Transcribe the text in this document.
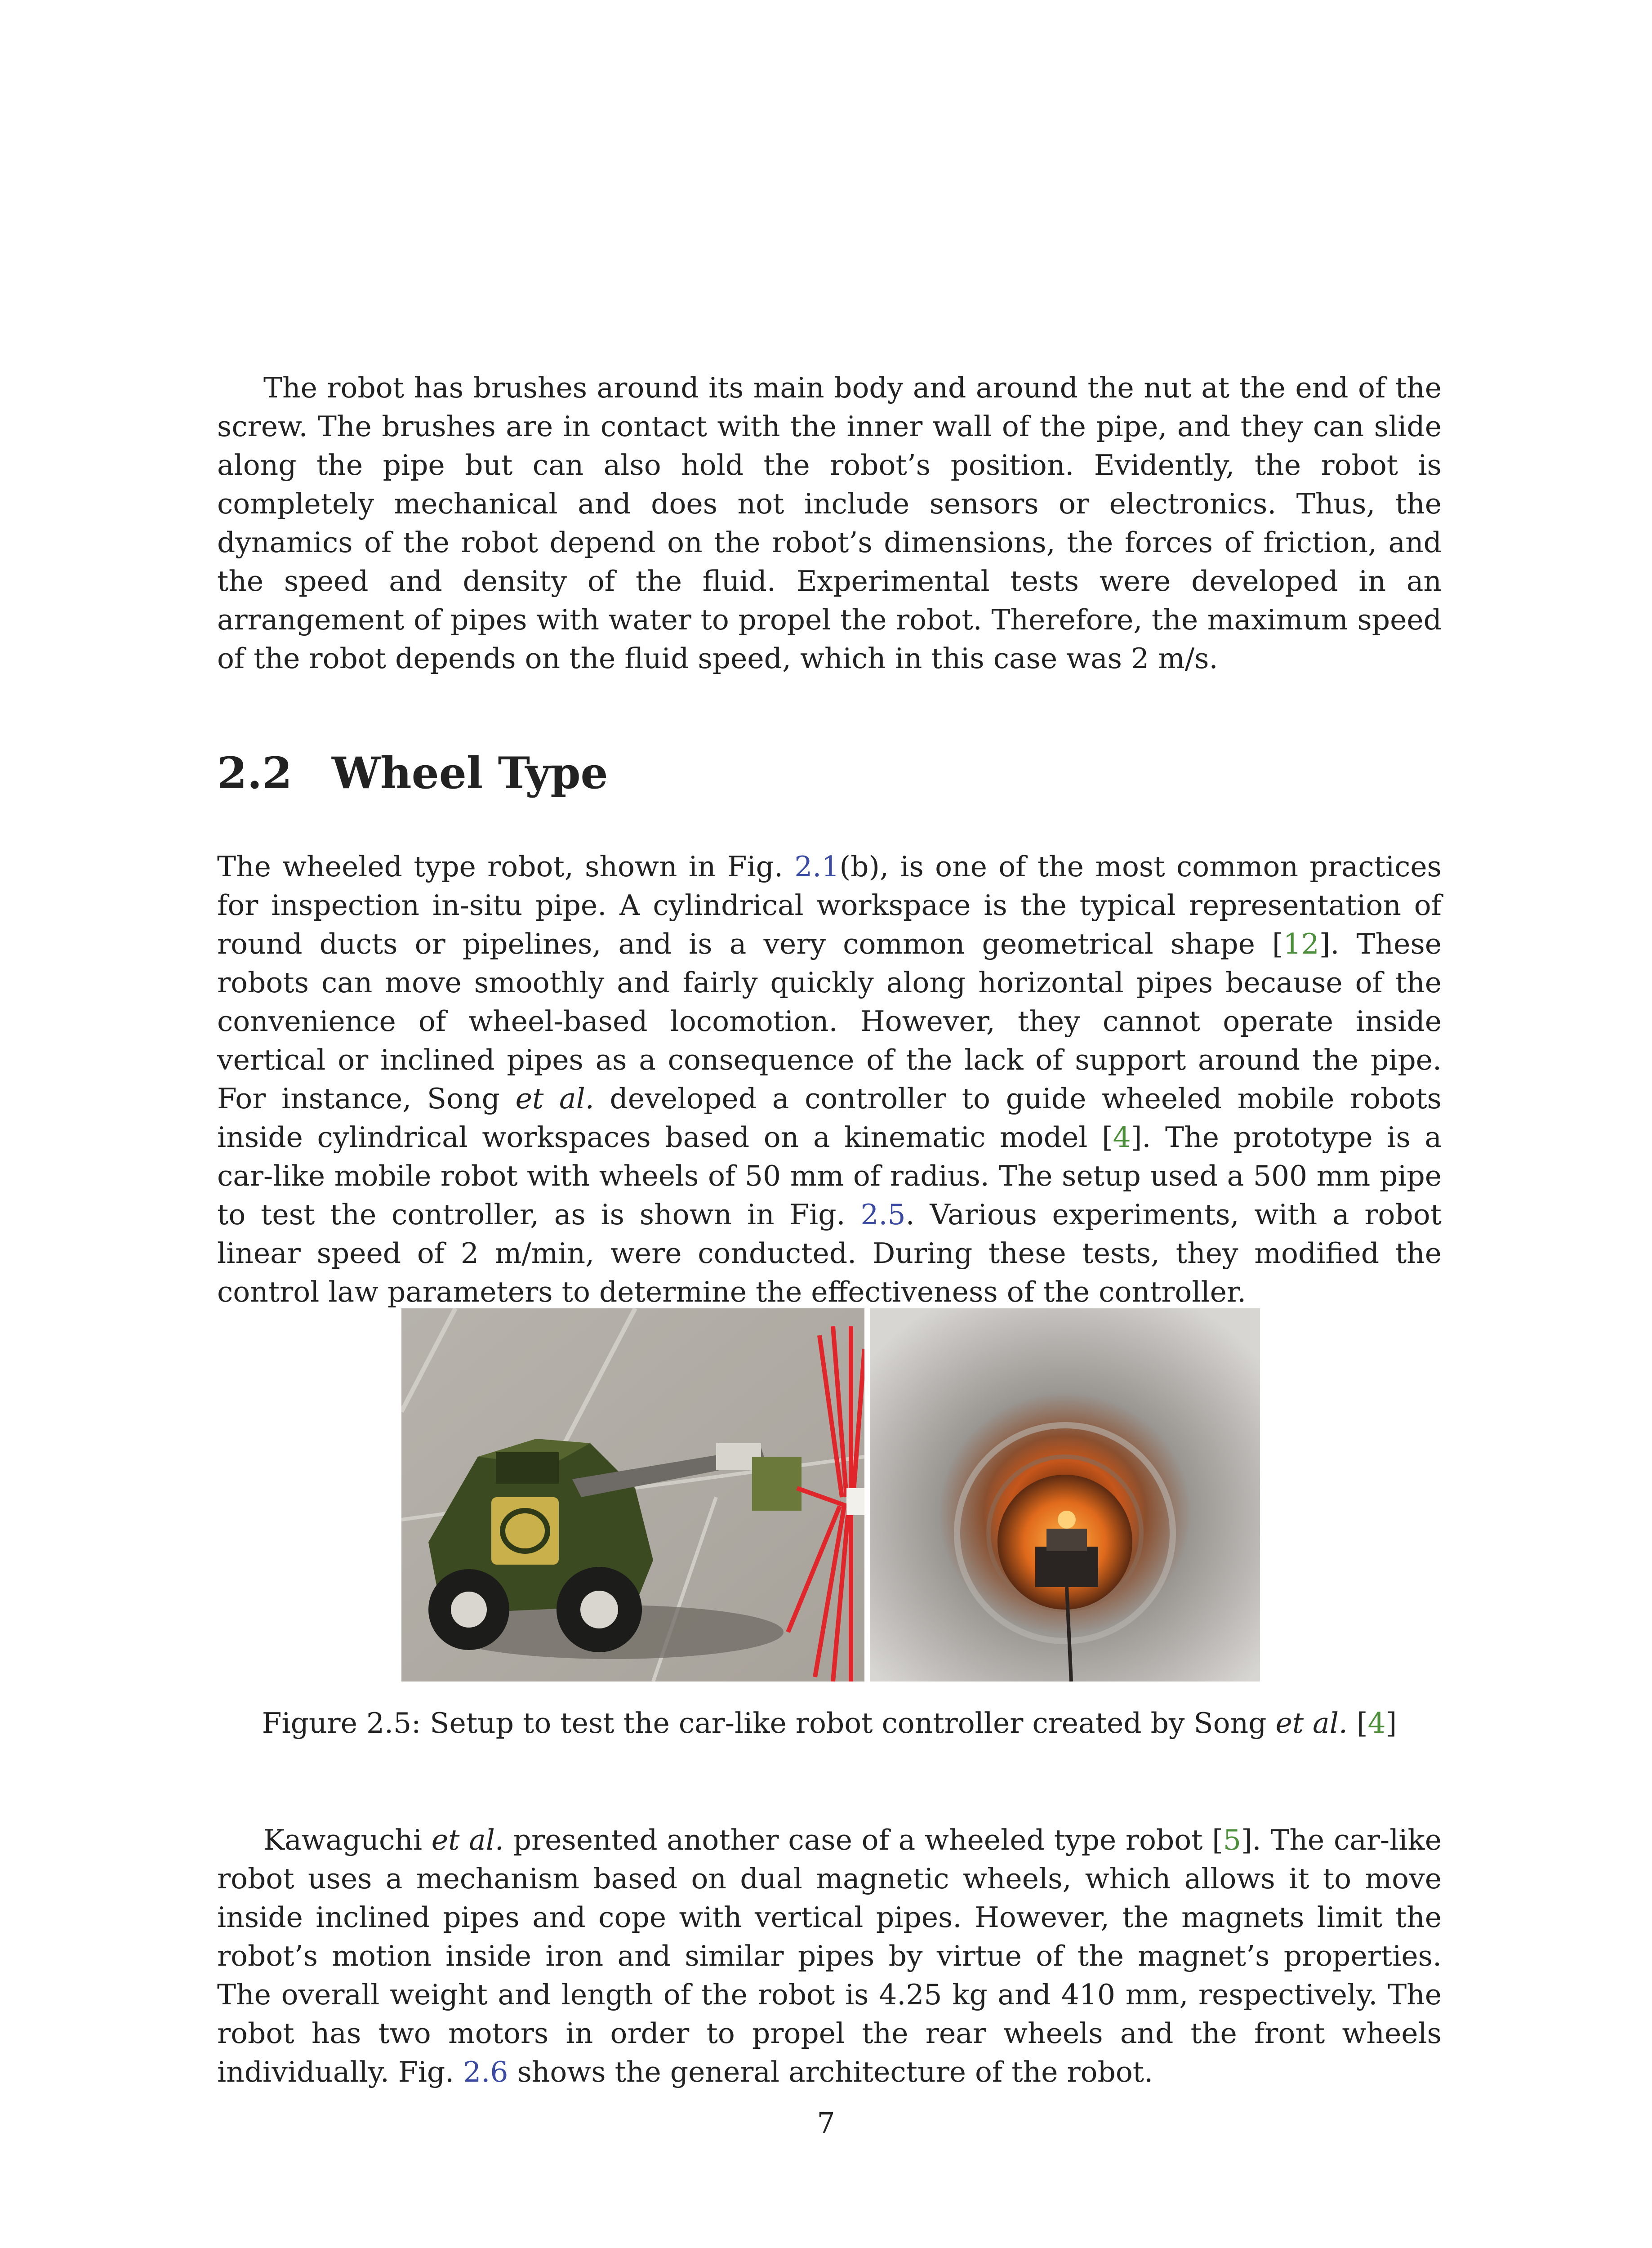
The robot has brushes around its main body and around the nut at the end of the screw. The brushes are in contact with the inner wall of the pipe, and they can slide along the pipe but can also hold the robot’s position. Evidently, the robot is completely mechanical and does not include sensors or electronics. Thus, the dynamics of the robot depend on the robot’s dimensions, the forces of friction, and the speed and density of the fluid. Experimental tests were developed in an arrangement of pipes with water to propel the robot. Therefore, the maximum speed of the robot depends on the fluid speed, which in this case was 2 m/s.

2.2 Wheel Type

The wheeled type robot, shown in Fig. 2.1(b), is one of the most common practices for inspection in-situ pipe. A cylindrical workspace is the typical representation of round ducts or pipelines, and is a very common geometrical shape [12]. These robots can move smoothly and fairly quickly along horizontal pipes because of the convenience of wheel-based locomotion. However, they cannot operate inside vertical or inclined pipes as a consequence of the lack of support around the pipe. For instance, Song et al. developed a controller to guide wheeled mobile robots inside cylindrical workspaces based on a kinematic model [4]. The prototype is a car-like mobile robot with wheels of 50 mm of radius. The setup used a 500 mm pipe to test the controller, as is shown in Fig. 2.5. Various experiments, with a robot linear speed of 2 m/min, were conducted. During these tests, they modified the control law parameters to determine the effectiveness of the controller.

Figure 2.5: Setup to test the car-like robot controller created by Song et al. [4]

Kawaguchi et al. presented another case of a wheeled type robot [5]. The car-like robot uses a mechanism based on dual magnetic wheels, which allows it to move inside inclined pipes and cope with vertical pipes. However, the magnets limit the robot’s motion inside iron and similar pipes by virtue of the magnet’s properties. The overall weight and length of the robot is 4.25 kg and 410 mm, respectively. The robot has two motors in order to propel the rear wheels and the front wheels individually. Fig. 2.6 shows the general architecture of the robot.

7
